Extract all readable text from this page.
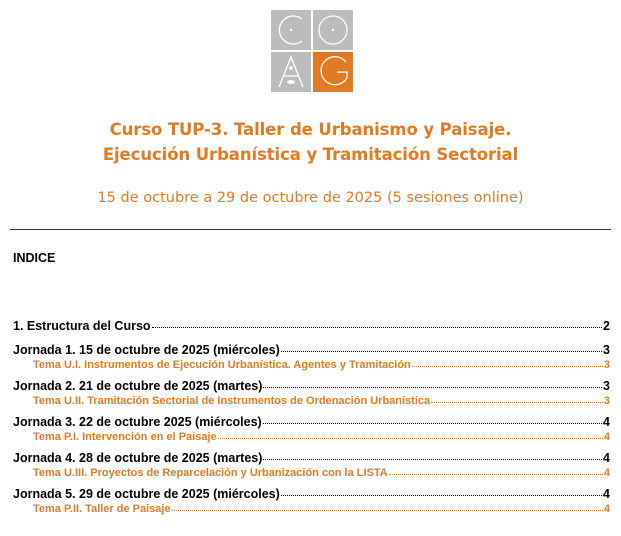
Curso TUP-3. Taller de Urbanismo y Paisaje.
Ejecución Urbanística y Tramitación Sectorial
15 de octubre a 29 de octubre de 2025 (5 sesiones online)
INDICE
1. Estructura del Curso	2
Jornada 1. 15 de octubre de 2025 (miércoles)	3
Tema U.I. Instrumentos de Ejecución Urbanística. Agentes y Tramitación	3
Jornada 2. 21 de octubre de 2025 (martes)	3
Tema U.II. Tramitación Sectorial de Instrumentos de Ordenación Urbanística	3
Jornada 3. 22 de octubre 2025 (miércoles)	4
Tema P.I. Intervención en el Paisaje	4
Jornada 4. 28 de octubre de 2025 (martes)	4
Tema U.III. Proyectos de Reparcelación y Urbanización con la LISTA	4
Jornada 5. 29 de octubre de 2025 (miércoles)	4
Tema P.II. Taller de Paisaje	4
